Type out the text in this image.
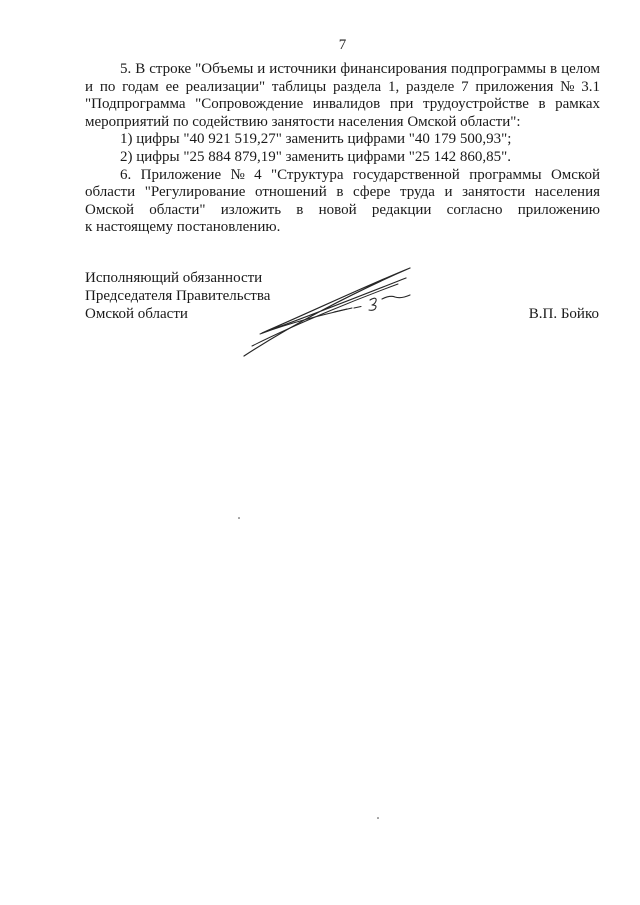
7
5. В строке "Объемы и источники финансирования подпрограммы в целом
и по годам ее реализации" таблицы раздела 1, разделе 7 приложения № 3.1
"Подпрограмма "Сопровождение инвалидов при трудоустройстве в рамках
мероприятий по содействию занятости населения Омской области":
1) цифры "40 921 519,27" заменить цифрами "40 179 500,93";
2) цифры "25 884 879,19" заменить цифрами "25 142 860,85".
6. Приложение № 4 "Структура государственной программы Омской
области "Регулирование отношений в сфере труда и занятости населения
Омской области" изложить в новой редакции согласно приложению
к настоящему постановлению.
Исполняющий обязанности
Председателя Правительства
Омской области	В.П. Бойко
